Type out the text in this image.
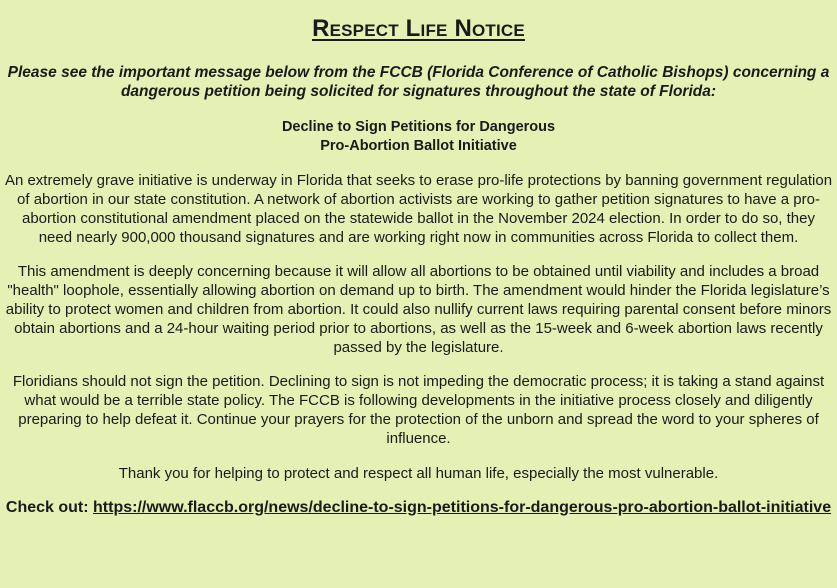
Respect Life Notice

Please see the important message below from the FCCB (Florida Conference of Catholic Bishops) concerning a dangerous petition being solicited for signatures throughout the state of Florida:

Decline to Sign Petitions for Dangerous
Pro-Abortion Ballot Initiative

An extremely grave initiative is underway in Florida that seeks to erase pro-life protections by banning government regulation of abortion in our state constitution. A network of abortion activists are working to gather petition signatures to have a pro-abortion constitutional amendment placed on the statewide ballot in the November 2024 election. In order to do so, they need nearly 900,000 thousand signatures and are working right now in communities across Florida to collect them.

This amendment is deeply concerning because it will allow all abortions to be obtained until viability and includes a broad "health" loophole, essentially allowing abortion on demand up to birth. The amendment would hinder the Florida legislature’s ability to protect women and children from abortion. It could also nullify current laws requiring parental consent before minors obtain abortions and a 24-hour waiting period prior to abortions, as well as the 15-week and 6-week abortion laws recently passed by the legislature.

Floridians should not sign the petition. Declining to sign is not impeding the democratic process; it is taking a stand against what would be a terrible state policy. The FCCB is following developments in the initiative process closely and diligently preparing to help defeat it. Continue your prayers for the protection of the unborn and spread the word to your spheres of influence.

Thank you for helping to protect and respect all human life, especially the most vulnerable.

Check out: https://www.flaccb.org/news/decline-to-sign-petitions-for-dangerous-pro-abortion-ballot-initiative
